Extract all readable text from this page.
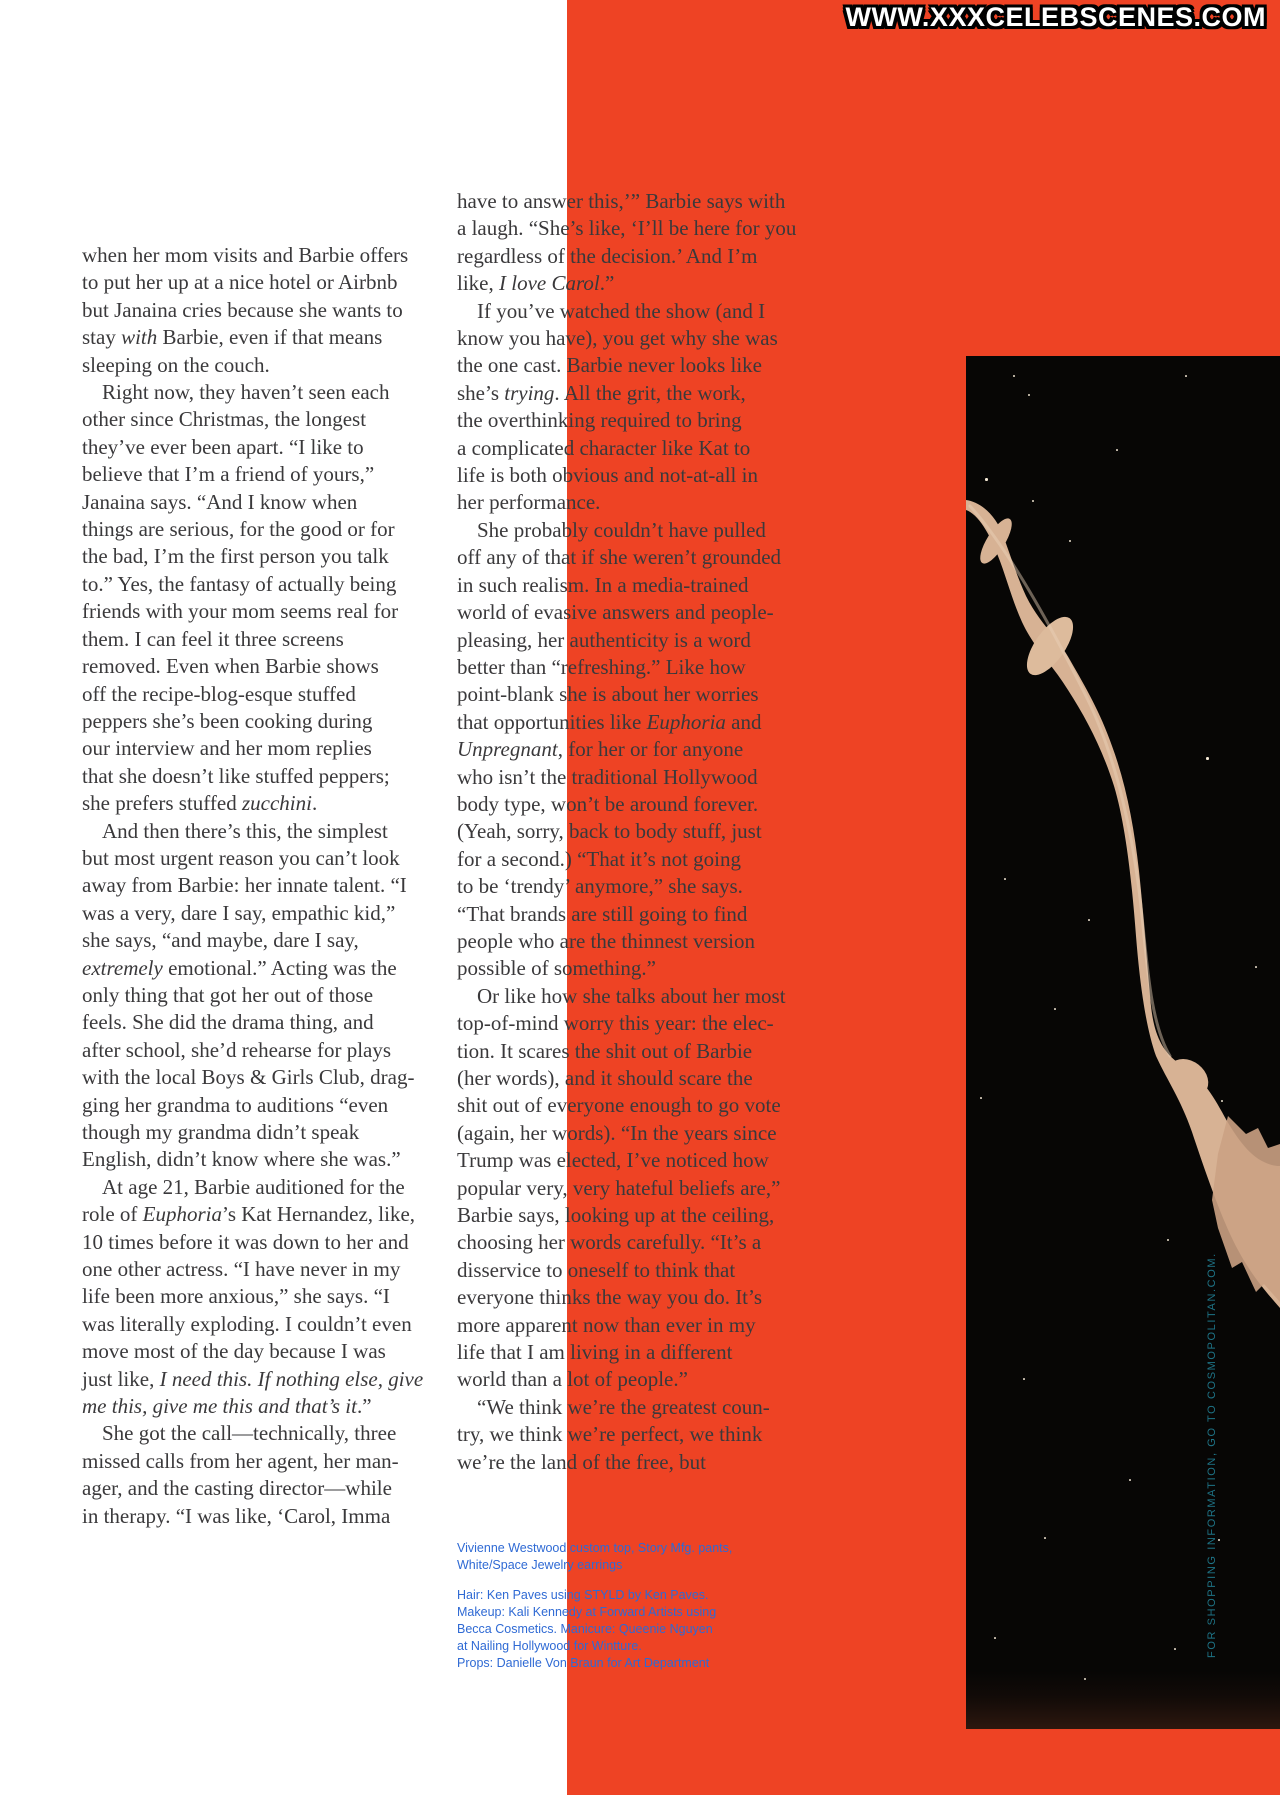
WWW.XXXCELEBSCENES.COM
when her mom visits and Barbie offers
to put her up at a nice hotel or Airbnb
but Janaina cries because she wants to
stay with Barbie, even if that means
sleeping on the couch.
Right now, they haven’t seen each
other since Christmas, the longest
they’ve ever been apart. “I like to
believe that I’m a friend of yours,”
Janaina says. “And I know when
things are serious, for the good or for
the bad, I’m the first person you talk
to.” Yes, the fantasy of actually being
friends with your mom seems real for
them. I can feel it three screens
removed. Even when Barbie shows
off the recipe-blog-esque stuffed
peppers she’s been cooking during
our interview and her mom replies
that she doesn’t like stuffed peppers;
she prefers stuffed zucchini.
And then there’s this, the simplest
but most urgent reason you can’t look
away from Barbie: her innate talent. “I
was a very, dare I say, empathic kid,”
she says, “and maybe, dare I say,
extremely emotional.” Acting was the
only thing that got her out of those
feels. She did the drama thing, and
after school, she’d rehearse for plays
with the local Boys & Girls Club, drag-
ging her grandma to auditions “even
though my grandma didn’t speak
English, didn’t know where she was.”
At age 21, Barbie auditioned for the
role of Euphoria’s Kat Hernandez, like,
10 times before it was down to her and
one other actress. “I have never in my
life been more anxious,” she says. “I
was literally exploding. I couldn’t even
move most of the day because I was
just like, I need this. If nothing else, give
me this, give me this and that’s it.”
She got the call—technically, three
missed calls from her agent, her man-
ager, and the casting director—while
in therapy. “I was like, ‘Carol, Imma
have to answer this,’” Barbie says with
a laugh. “She’s like, ‘I’ll be here for you
regardless of the decision.’ And I’m
like, I love Carol.”
If you’ve watched the show (and I
know you have), you get why she was
the one cast. Barbie never looks like
she’s trying. All the grit, the work,
the overthinking required to bring
a complicated character like Kat to
life is both obvious and not-at-all in
her performance.
She probably couldn’t have pulled
off any of that if she weren’t grounded
in such realism. In a media-trained
world of evasive answers and people-
pleasing, her authenticity is a word
better than “refreshing.” Like how
point-blank she is about her worries
that opportunities like Euphoria and
Unpregnant, for her or for anyone
who isn’t the traditional Hollywood
body type, won’t be around forever.
(Yeah, sorry, back to body stuff, just
for a second.) “That it’s not going
to be ‘trendy’ anymore,” she says.
“That brands are still going to find
people who are the thinnest version
possible of something.”
Or like how she talks about her most
top-of-mind worry this year: the elec-
tion. It scares the shit out of Barbie
(her words), and it should scare the
shit out of everyone enough to go vote
(again, her words). “In the years since
Trump was elected, I’ve noticed how
popular very, very hateful beliefs are,”
Barbie says, looking up at the ceiling,
choosing her words carefully. “It’s a
disservice to oneself to think that
everyone thinks the way you do. It’s
more apparent now than ever in my
life that I am living in a different
world than a lot of people.”
“We think we’re the greatest coun-
try, we think we’re perfect, we think
we’re the land of the free, but	FOR SHOPPING INFORMATION, GO TO COSMOPOLITAN.COM.
Vivienne Westwood custom top, Story Mfg. pants,
White/Space Jewelry earrings
Hair: Ken Paves using STYLD by Ken Paves.
Makeup: Kali Kennedy at Forward Artists using
Becca Cosmetics. Manicure: Queenie Nguyen
at Nailing Hollywood for Wintture.
Props: Danielle Von Braun for Art Department
